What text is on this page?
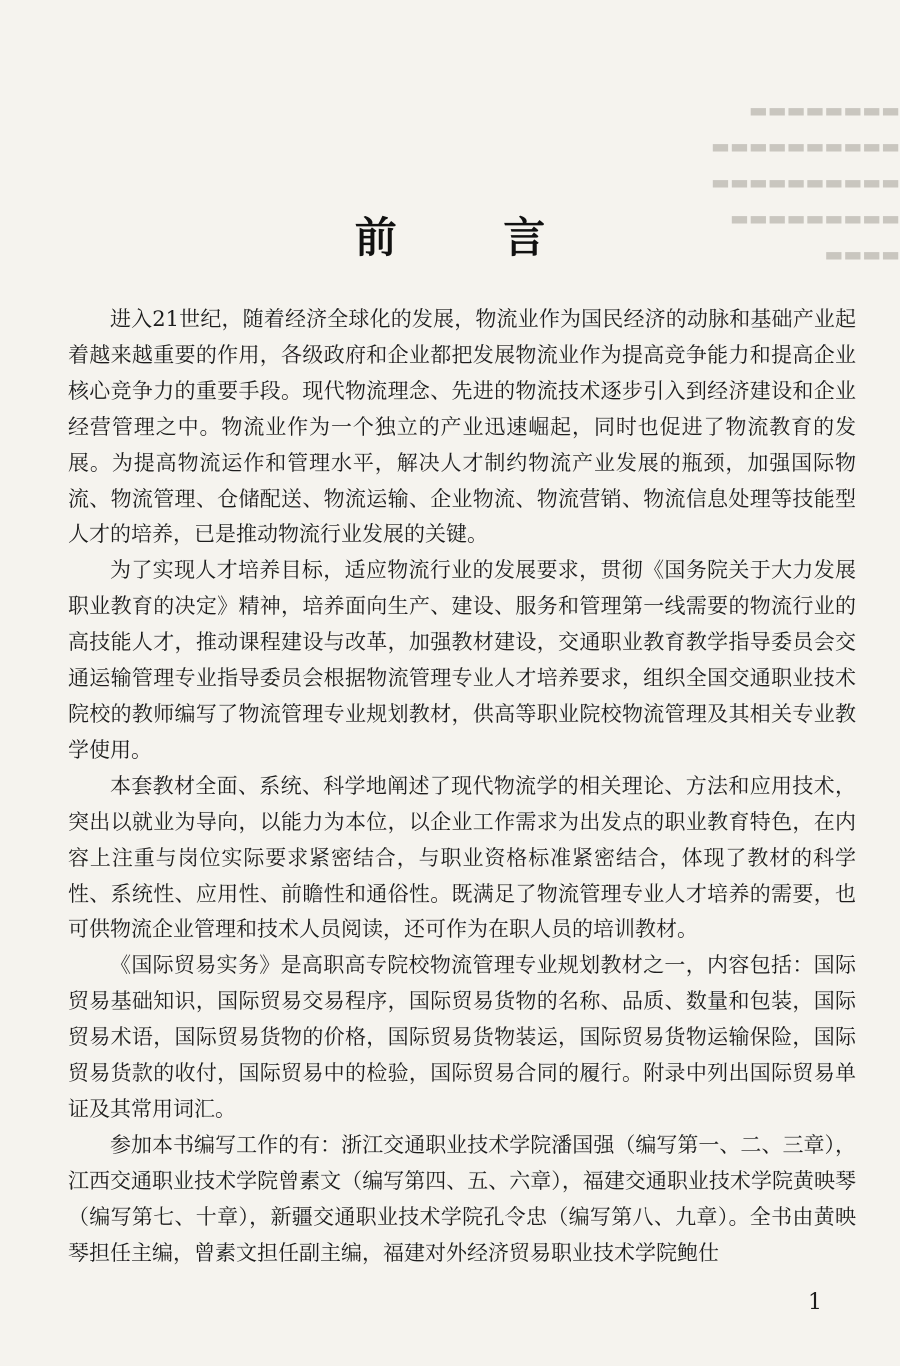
▬▬▬▬▬▬▬▬
▬▬▬▬▬▬▬▬▬▬
▬▬▬▬▬▬▬▬▬▬
▬▬▬▬▬▬▬▬▬
▬▬▬▬
前 言

进入21世纪，随着经济全球化的发展，物流业作为国民经济的动脉和基础产业起着越来越重要的作用，各级政府和企业都把发展物流业作为提高竞争能力和提高企业核心竞争力的重要手段。现代物流理念、先进的物流技术逐步引入到经济建设和企业经营管理之中。物流业作为一个独立的产业迅速崛起，同时也促进了物流教育的发展。为提高物流运作和管理水平，解决人才制约物流产业发展的瓶颈，加强国际物流、物流管理、仓储配送、物流运输、企业物流、物流营销、物流信息处理等技能型人才的培养，已是推动物流行业发展的关键。

为了实现人才培养目标，适应物流行业的发展要求，贯彻《国务院关于大力发展职业教育的决定》精神，培养面向生产、建设、服务和管理第一线需要的物流行业的高技能人才，推动课程建设与改革，加强教材建设，交通职业教育教学指导委员会交通运输管理专业指导委员会根据物流管理专业人才培养要求，组织全国交通职业技术院校的教师编写了物流管理专业规划教材，供高等职业院校物流管理及其相关专业教学使用。

本套教材全面、系统、科学地阐述了现代物流学的相关理论、方法和应用技术，突出以就业为导向，以能力为本位，以企业工作需求为出发点的职业教育特色，在内容上注重与岗位实际要求紧密结合，与职业资格标准紧密结合，体现了教材的科学性、系统性、应用性、前瞻性和通俗性。既满足了物流管理专业人才培养的需要，也可供物流企业管理和技术人员阅读，还可作为在职人员的培训教材。

《国际贸易实务》是高职高专院校物流管理专业规划教材之一，内容包括：国际贸易基础知识，国际贸易交易程序，国际贸易货物的名称、品质、数量和包装，国际贸易术语，国际贸易货物的价格，国际贸易货物装运，国际贸易货物运输保险，国际贸易货款的收付，国际贸易中的检验，国际贸易合同的履行。附录中列出国际贸易单证及其常用词汇。

参加本书编写工作的有：浙江交通职业技术学院潘国强（编写第一、二、三章），江西交通职业技术学院曾素文（编写第四、五、六章），福建交通职业技术学院黄映琴（编写第七、十章），新疆交通职业技术学院孔令忠（编写第八、九章）。全书由黄映琴担任主编，曾素文担任副主编，福建对外经济贸易职业技术学院鲍仕

1
